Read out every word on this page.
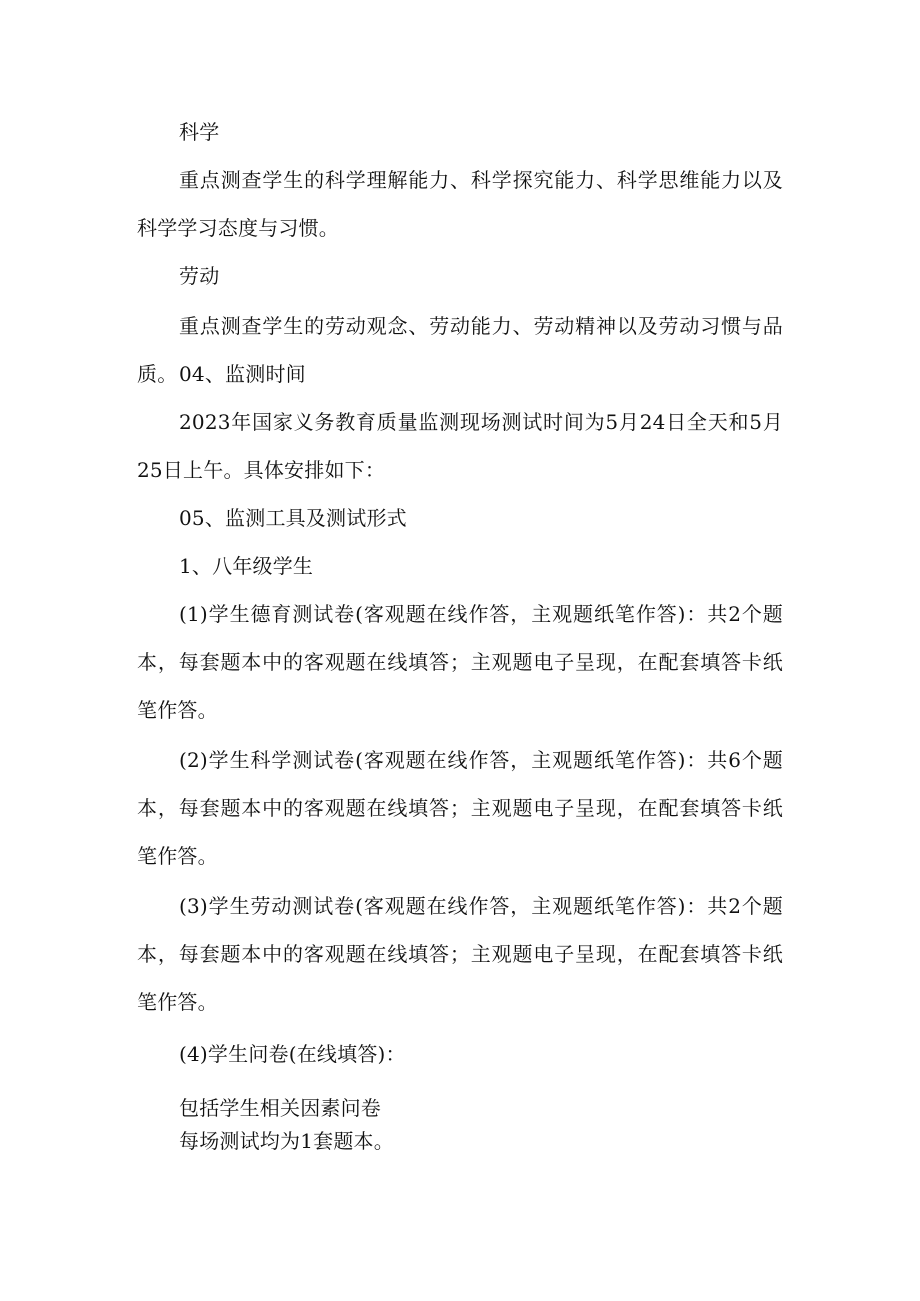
科学

重点测查学生的科学理解能力、科学探究能力、科学思维能力以及科学学习态度与习惯。

劳动

重点测查学生的劳动观念、劳动能力、劳动精神以及劳动习惯与品质。 04、监测时间

2023年国家义务教育质量监测现场测试时间为5月24日全天和5月25日上午。具体安排如下：

05、监测工具及测试形式

1、八年级学生

(1)学生德育测试卷(客观题在线作答，主观题纸笔作答)：共2个题本，每套题本中的客观题在线填答；主观题电子呈现，在配套填答卡纸笔作答。

(2)学生科学测试卷(客观题在线作答，主观题纸笔作答)：共6个题本，每套题本中的客观题在线填答；主观题电子呈现，在配套填答卡纸笔作答。

(3)学生劳动测试卷(客观题在线作答，主观题纸笔作答)：共2个题本，每套题本中的客观题在线填答；主观题电子呈现，在配套填答卡纸笔作答。

(4)学生问卷(在线填答)：

包括学生相关因素问卷

每场测试均为1套题本。
